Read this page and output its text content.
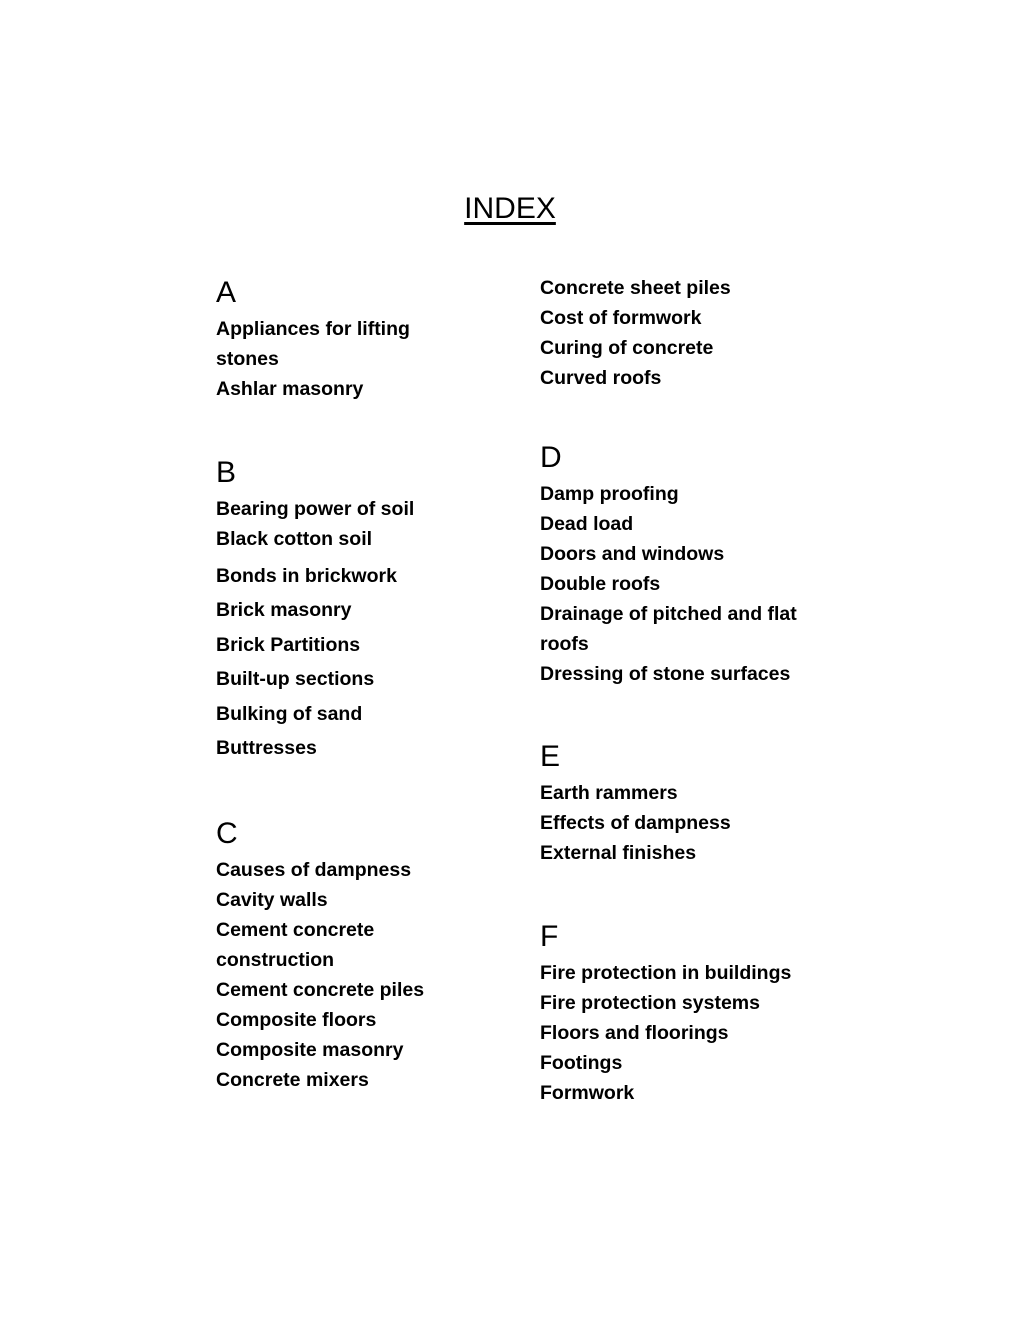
INDEX
A
Appliances for lifting stones
Ashlar masonry
B
Bearing power of soil
Black cotton soil
Bonds in brickwork
Brick masonry
Brick Partitions
Built-up sections
Bulking of sand
Buttresses
C
Causes of dampness
Cavity walls
Cement concrete construction
Cement concrete piles
Composite floors
Composite masonry
Concrete mixers
Concrete sheet piles
Cost of formwork
Curing of concrete
Curved roofs
D
Damp proofing
Dead load
Doors and windows
Double roofs
Drainage of pitched and flat roofs
Dressing of stone surfaces
E
Earth rammers
Effects of dampness
External finishes
F
Fire protection in buildings
Fire protection systems
Floors and floorings
Footings
Formwork
